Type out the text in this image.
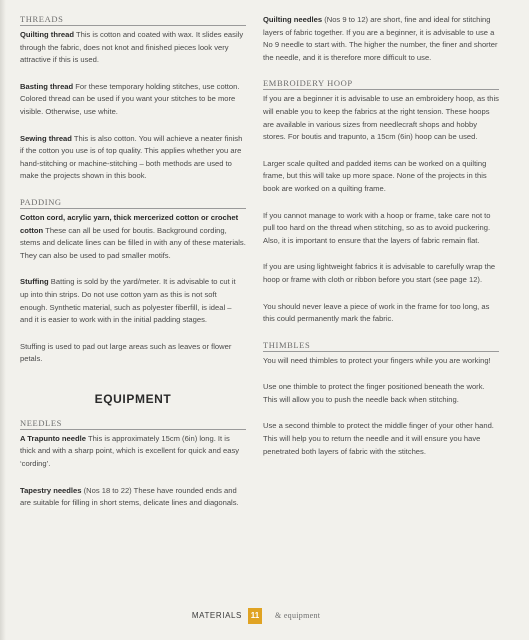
THREADS

Quilting thread This is cotton and coated with wax. It slides easily through the fabric, does not knot and finished pieces look very attractive if this is used.

Basting thread For these temporary holding stitches, use cotton. Colored thread can be used if you want your stitches to be more visible. Otherwise, use white.

Sewing thread This is also cotton. You will achieve a neater finish if the cotton you use is of top quality. This applies whether you are hand-stitching or machine-stitching – both methods are used to make the projects shown in this book.

PADDING

Cotton cord, acrylic yarn, thick mercerized cotton or crochet cotton These can all be used for boutis. Background cording, stems and delicate lines can be filled in with any of these materials. They can also be used to pad smaller motifs.

Stuffing Batting is sold by the yard/meter. It is advisable to cut it up into thin strips. Do not use cotton yarn as this is not soft enough. Synthetic material, such as polyester fiberfill, is ideal – and it is easier to work with in the initial padding stages.

Stuffing is used to pad out large areas such as leaves or flower petals.

EQUIPMENT
NEEDLES

A Trapunto needle This is approximately 15cm (6in) long. It is thick and with a sharp point, which is excellent for quick and easy ‘cording’.

Tapestry needles (Nos 18 to 22) These have rounded ends and are suitable for filling in short stems, delicate lines and diagonals.

Quilting needles (Nos 9 to 12) are short, fine and ideal for stitching layers of fabric together. If you are a beginner, it is advisable to use a No 9 needle to start with. The higher the number, the finer and shorter the needle, and it is therefore more difficult to use.

EMBROIDERY HOOP

If you are a beginner it is advisable to use an embroidery hoop, as this will enable you to keep the fabrics at the right tension. These hoops are available in various sizes from needlecraft shops and hobby stores. For boutis and trapunto, a 15cm (6in) hoop can be used.

Larger scale quilted and padded items can be worked on a quilting frame, but this will take up more space. None of the projects in this book are worked on a quilting frame.

If you cannot manage to work with a hoop or frame, take care not to pull too hard on the thread when stitching, so as to avoid puckering. Also, it is important to ensure that the layers of fabric remain flat.

If you are using lightweight fabrics it is advisable to carefully wrap the hoop or frame with cloth or ribbon before you start (see page 12).

You should never leave a piece of work in the frame for too long, as this could permanently mark the fabric.

THIMBLES

You will need thimbles to protect your fingers while you are working!

Use one thimble to protect the finger positioned beneath the work. This will allow you to push the needle back when stitching.

Use a second thimble to protect the middle finger of your other hand. This will help you to return the needle and it will ensure you have penetrated both layers of fabric with the stitches.

MATERIALS	11	& equipment
